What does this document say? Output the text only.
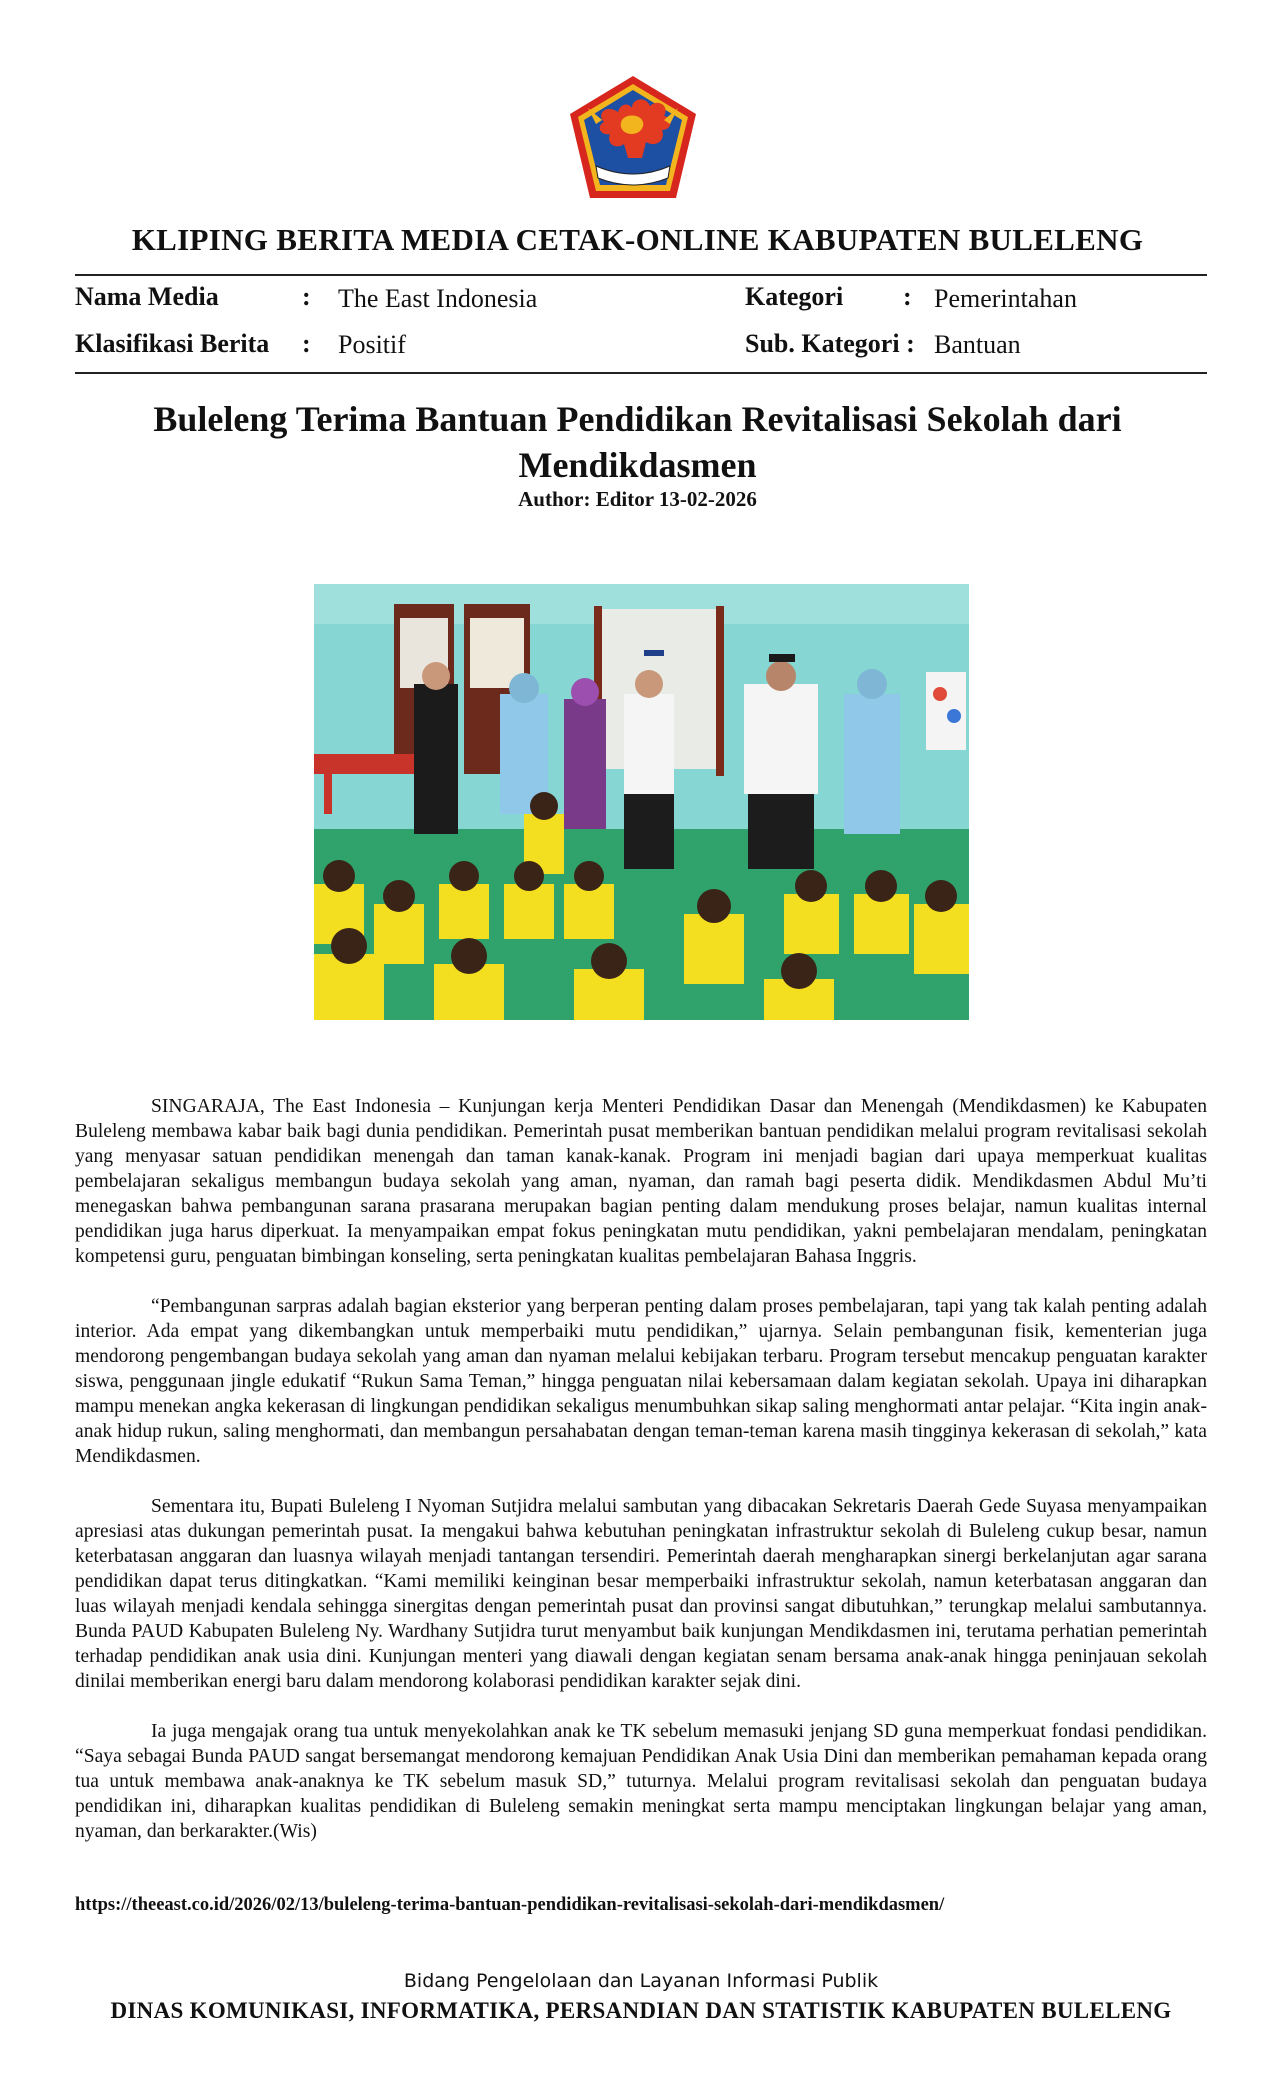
KLIPING BERITA MEDIA CETAK-ONLINE KABUPATEN BULELENG
Nama Media	: The East Indonesia	Kategori : Pemerintahan
Klasifikasi Berita : Positif	Sub. Kategori : Bantuan
Buleleng Terima Bantuan Pendidikan Revitalisasi Sekolah dari Mendikdasmen
Author: Editor 13-02-2026

SINGARAJA, The East Indonesia – Kunjungan kerja Menteri Pendidikan Dasar dan Menengah (Mendikdasmen) ke Kabupaten Buleleng membawa kabar baik bagi dunia pendidikan. Pemerintah pusat memberikan bantuan pendidikan melalui program revitalisasi sekolah yang menyasar satuan pendidikan menengah dan taman kanak-kanak. Program ini menjadi bagian dari upaya memperkuat kualitas pembelajaran sekaligus membangun budaya sekolah yang aman, nyaman, dan ramah bagi peserta didik. Mendikdasmen Abdul Mu’ti menegaskan bahwa pembangunan sarana prasarana merupakan bagian penting dalam mendukung proses belajar, namun kualitas internal pendidikan juga harus diperkuat. Ia menyampaikan empat fokus peningkatan mutu pendidikan, yakni pembelajaran mendalam, peningkatan kompetensi guru, penguatan bimbingan konseling, serta peningkatan kualitas pembelajaran Bahasa Inggris.

“Pembangunan sarpras adalah bagian eksterior yang berperan penting dalam proses pembelajaran, tapi yang tak kalah penting adalah interior. Ada empat yang dikembangkan untuk memperbaiki mutu pendidikan,” ujarnya. Selain pembangunan fisik, kementerian juga mendorong pengembangan budaya sekolah yang aman dan nyaman melalui kebijakan terbaru. Program tersebut mencakup penguatan karakter siswa, penggunaan jingle edukatif “Rukun Sama Teman,” hingga penguatan nilai kebersamaan dalam kegiatan sekolah. Upaya ini diharapkan mampu menekan angka kekerasan di lingkungan pendidikan sekaligus menumbuhkan sikap saling menghormati antar pelajar. “Kita ingin anak-anak hidup rukun, saling menghormati, dan membangun persahabatan dengan teman-teman karena masih tingginya kekerasan di sekolah,” kata Mendikdasmen.

Sementara itu, Bupati Buleleng I Nyoman Sutjidra melalui sambutan yang dibacakan Sekretaris Daerah Gede Suyasa menyampaikan apresiasi atas dukungan pemerintah pusat. Ia mengakui bahwa kebutuhan peningkatan infrastruktur sekolah di Buleleng cukup besar, namun keterbatasan anggaran dan luasnya wilayah menjadi tantangan tersendiri. Pemerintah daerah mengharapkan sinergi berkelanjutan agar sarana pendidikan dapat terus ditingkatkan. “Kami memiliki keinginan besar memperbaiki infrastruktur sekolah, namun keterbatasan anggaran dan luas wilayah menjadi kendala sehingga sinergitas dengan pemerintah pusat dan provinsi sangat dibutuhkan,” terungkap melalui sambutannya. Bunda PAUD Kabupaten Buleleng Ny. Wardhany Sutjidra turut menyambut baik kunjungan Mendikdasmen ini, terutama perhatian pemerintah terhadap pendidikan anak usia dini. Kunjungan menteri yang diawali dengan kegiatan senam bersama anak-anak hingga peninjauan sekolah dinilai memberikan energi baru dalam mendorong kolaborasi pendidikan karakter sejak dini.

Ia juga mengajak orang tua untuk menyekolahkan anak ke TK sebelum memasuki jenjang SD guna memperkuat fondasi pendidikan. “Saya sebagai Bunda PAUD sangat bersemangat mendorong kemajuan Pendidikan Anak Usia Dini dan memberikan pemahaman kepada orang tua untuk membawa anak-anaknya ke TK sebelum masuk SD,” tuturnya. Melalui program revitalisasi sekolah dan penguatan budaya pendidikan ini, diharapkan kualitas pendidikan di Buleleng semakin meningkat serta mampu menciptakan lingkungan belajar yang aman, nyaman, dan berkarakter.(Wis)

https://theeast.co.id/2026/02/13/buleleng-terima-bantuan-pendidikan-revitalisasi-sekolah-dari-mendikdasmen/
Bidang Pengelolaan dan Layanan Informasi Publik
DINAS KOMUNIKASI, INFORMATIKA, PERSANDIAN DAN STATISTIK KABUPATEN BULELENG
